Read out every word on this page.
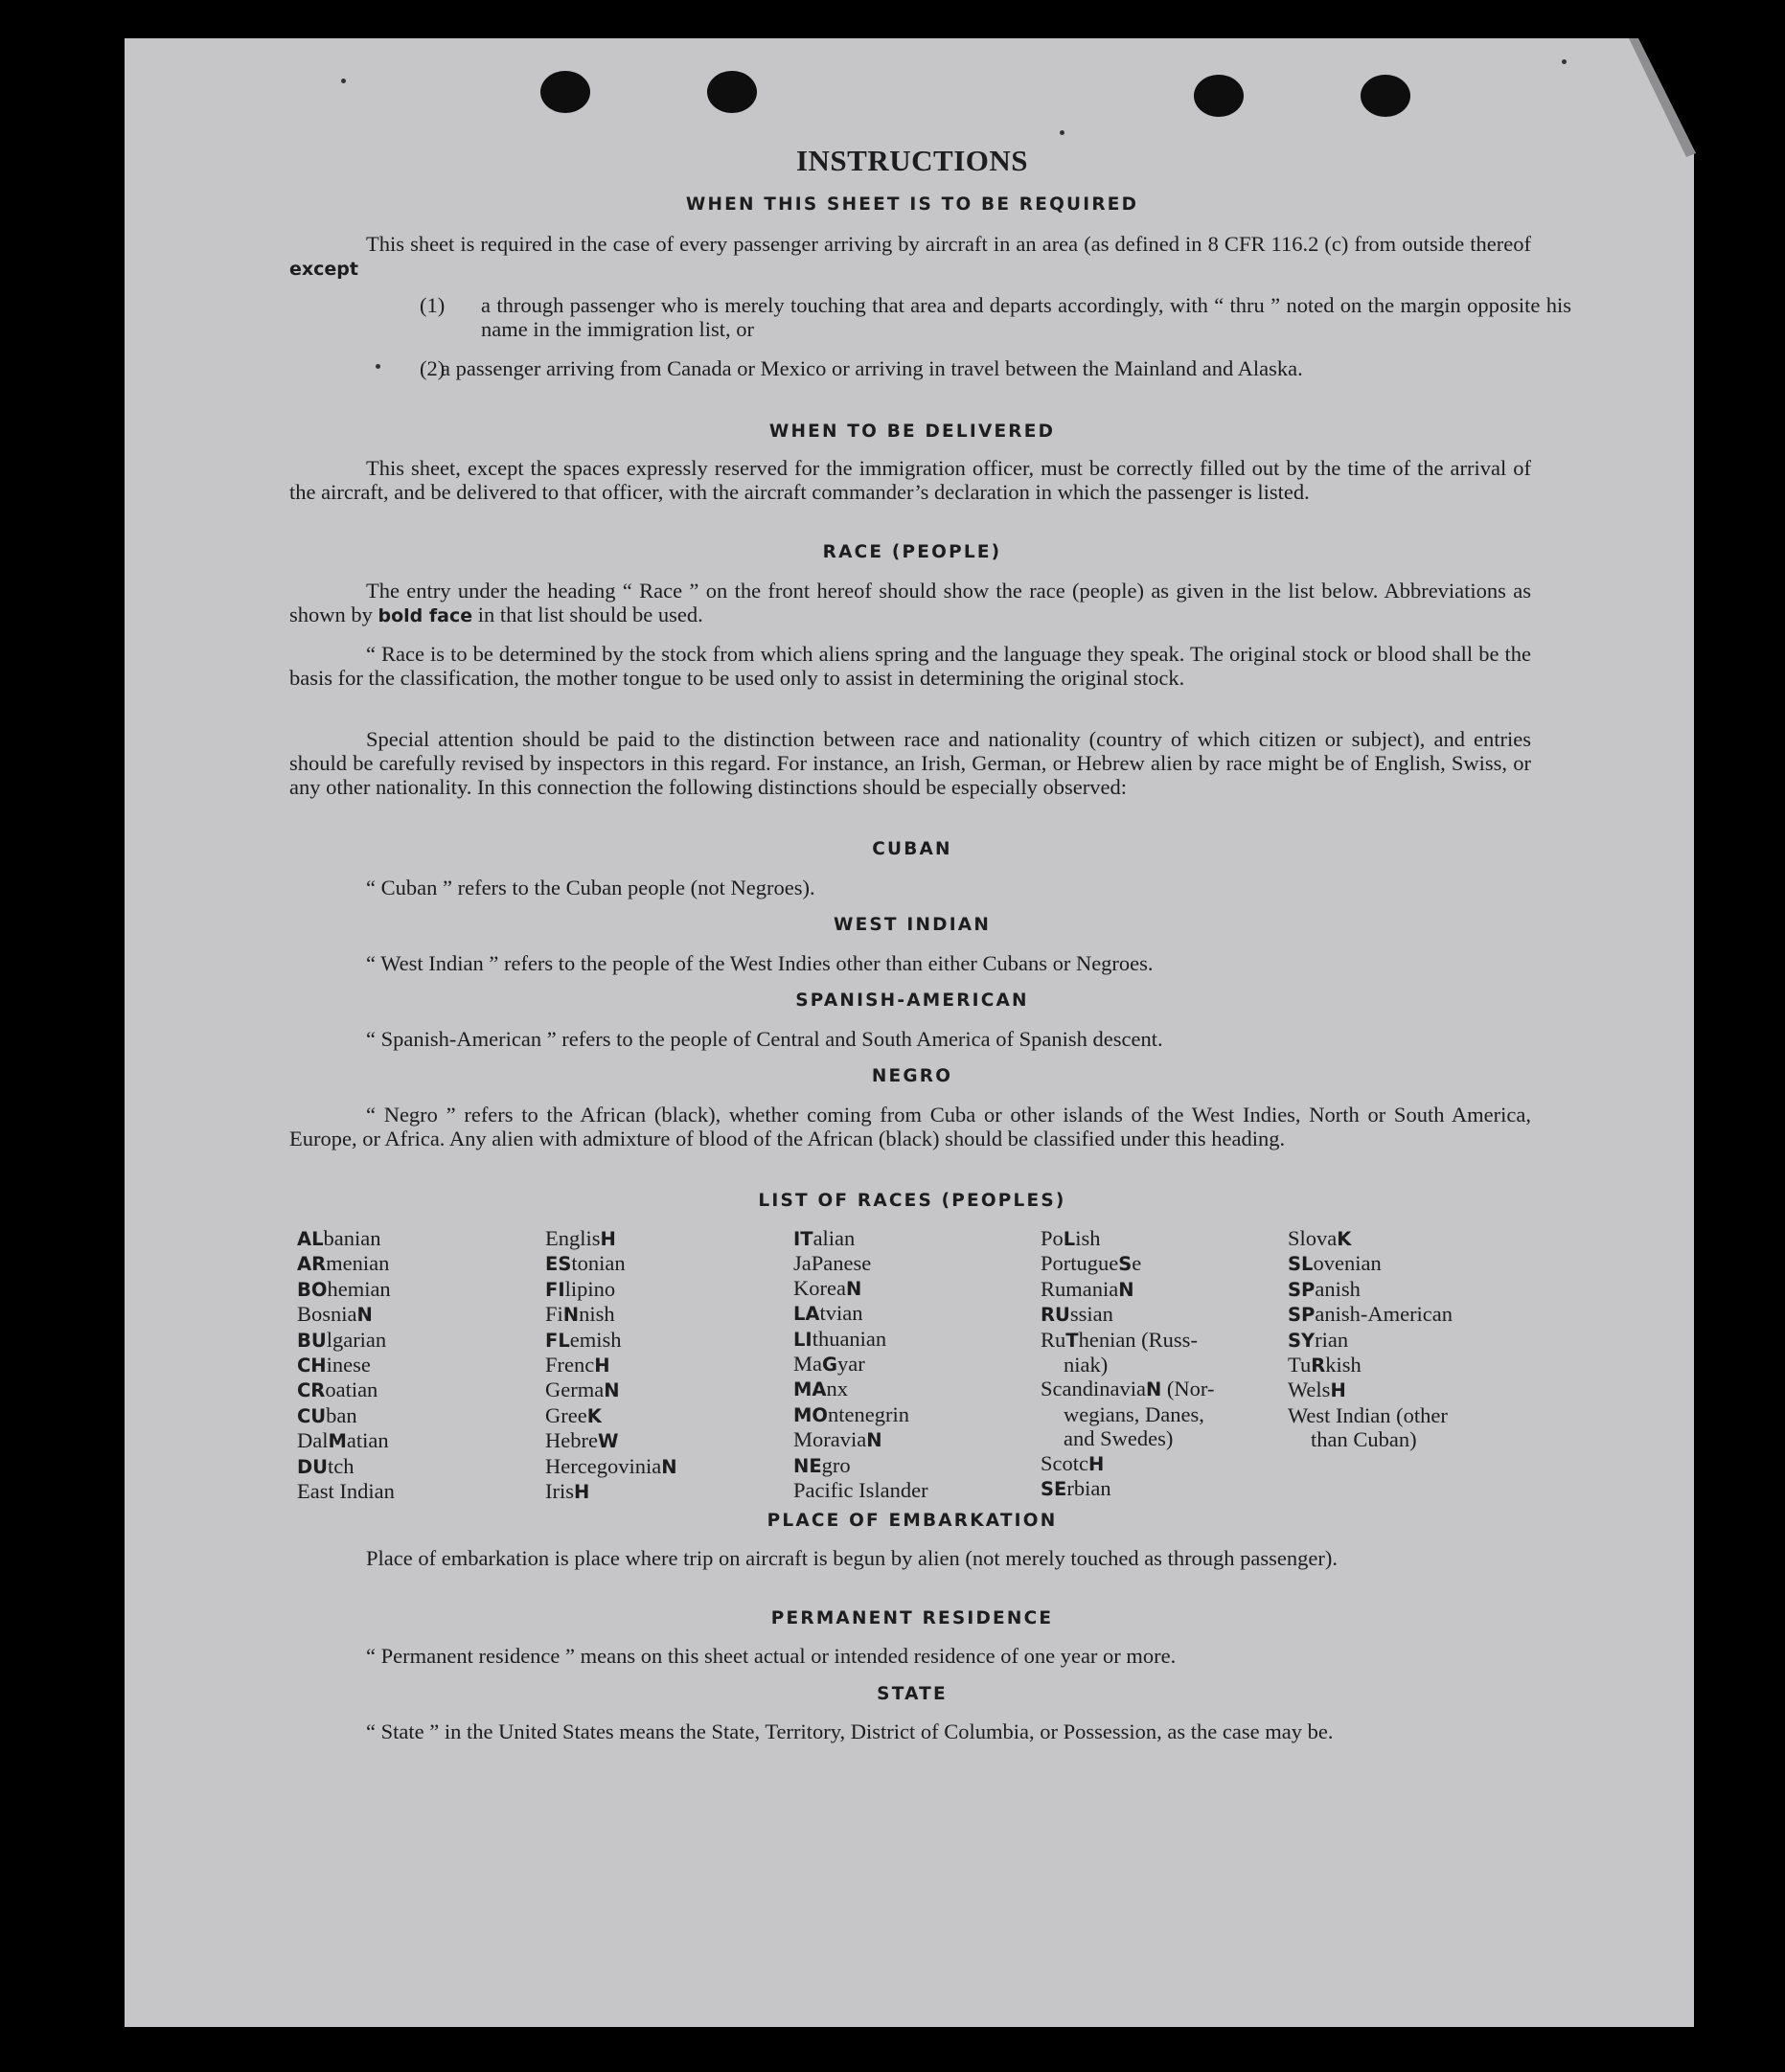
INSTRUCTIONS
WHEN THIS SHEET IS TO BE REQUIRED
This sheet is required in the case of every passenger arriving by aircraft in an area (as defined in 8 CFR 116.2 (c) from outside thereof except
(1) a through passenger who is merely touching that area and departs accordingly, with “ thru ” noted on the margin opposite his name in the immigration list, or
(2)
a passenger arriving from Canada or Mexico or arriving in travel between the Mainland and Alaska.
WHEN TO BE DELIVERED
This sheet, except the spaces expressly reserved for the immigration officer, must be correctly filled out by the time of the arrival of the aircraft, and be delivered to that officer, with the aircraft commander’s declaration in which the passenger is listed.
RACE (PEOPLE)
The entry under the heading “ Race ” on the front hereof should show the race (people) as given in the list below. Abbreviations as shown by bold face in that list should be used.
“ Race is to be determined by the stock from which aliens spring and the language they speak. The original stock or blood shall be the basis for the classification, the mother tongue to be used only to assist in determining the original stock.
Special attention should be paid to the distinction between race and nationality (country of which citizen or subject), and entries should be carefully revised by inspectors in this regard. For instance, an Irish, German, or Hebrew alien by race might be of English, Swiss, or any other nationality. In this connection the following distinctions should be especially observed:
CUBAN
“ Cuban ” refers to the Cuban people (not Negroes).
WEST INDIAN
“ West Indian ” refers to the people of the West Indies other than either Cubans or Negroes.
SPANISH-AMERICAN
“ Spanish-American ” refers to the people of Central and South America of Spanish descent.
NEGRO
“ Negro ” refers to the African (black), whether coming from Cuba or other islands of the West Indies, North or South America, Europe, or Africa. Any alien with admixture of blood of the African (black) should be classified under this heading.
LIST OF RACES (PEOPLES)
ALbanian
ARmenian
BOhemian
BosniaN
BUlgarian
CHinese
CRoatian
CUban
DalMatian
DUtch
East Indian
EnglisH
EStonian
FIlipino
FiNnish
FLemish
FrencH
GermaN
GreeK
HebreW
HercegoviniaN
IrisH
ITalian
JaPanese
KoreaN
LAtvian
LIthuanian
MaGyar
MAnx
MOntenegrin
MoraviaN
NEgro
Pacific Islander
PoLish
PortugueSe
RumaniaN
RUssian
RuThenian (Russ-
niak)
ScandinaviaN (Nor-
wegians, Danes,
and Swedes)
ScotcH
SErbian
SlovaK
SLovenian
SPanish
SPanish-American
SYrian
TuRkish
WelsH
West Indian (other
than Cuban)
PLACE OF EMBARKATION
Place of embarkation is place where trip on aircraft is begun by alien (not merely touched as through passenger).
PERMANENT RESIDENCE
“ Permanent residence ” means on this sheet actual or intended residence of one year or more.
STATE
“ State ” in the United States means the State, Territory, District of Columbia, or Possession, as the case may be.
